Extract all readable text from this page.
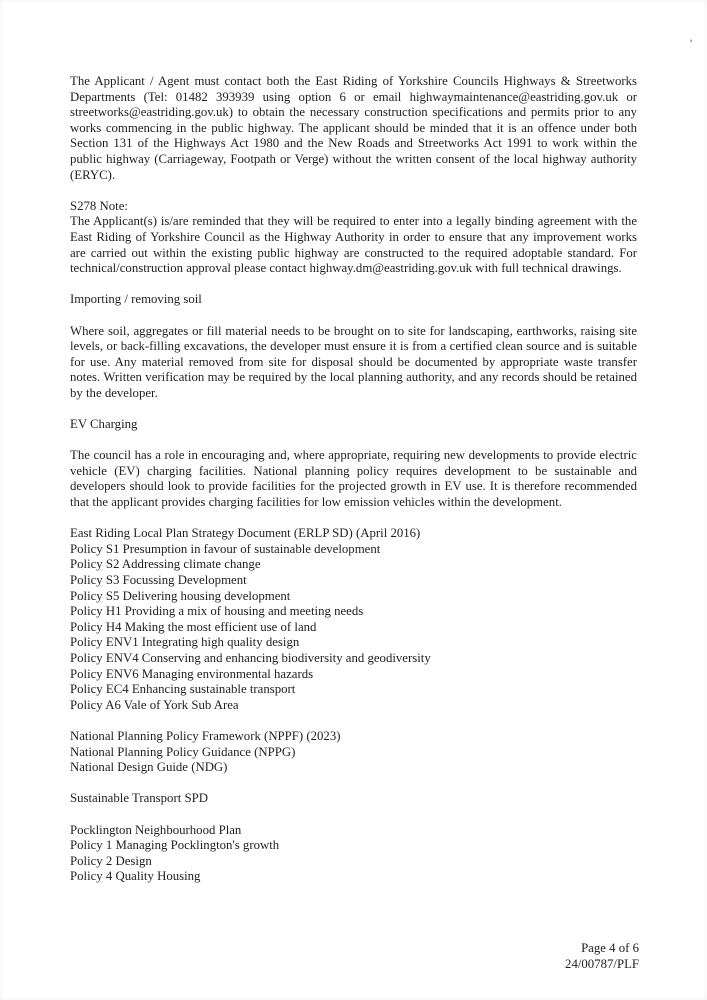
’

The Applicant / Agent must contact both the East Riding of Yorkshire Councils Highways & Streetworks Departments (Tel: 01482 393939 using option 6 or email highwaymaintenance@eastriding.gov.uk or streetworks@eastriding.gov.uk) to obtain the necessary construction specifications and permits prior to any works commencing in the public highway. The applicant should be minded that it is an offence under both Section 131 of the Highways Act 1980 and the New Roads and Streetworks Act 1991 to work within the public highway (Carriageway, Footpath or Verge) without the written consent of the local highway authority (ERYC).

S278 Note:

The Applicant(s) is/are reminded that they will be required to enter into a legally binding agreement with the East Riding of Yorkshire Council as the Highway Authority in order to ensure that any improvement works are carried out within the existing public highway are constructed to the required adoptable standard. For technical/construction approval please contact highway.dm@eastriding.gov.uk with full technical drawings.

Importing / removing soil

Where soil, aggregates or fill material needs to be brought on to site for landscaping, earthworks, raising site levels, or back-filling excavations, the developer must ensure it is from a certified clean source and is suitable for use. Any material removed from site for disposal should be documented by appropriate waste transfer notes. Written verification may be required by the local planning authority, and any records should be retained by the developer.

EV Charging

The council has a role in encouraging and, where appropriate, requiring new developments to provide electric vehicle (EV) charging facilities. National planning policy requires development to be sustainable and developers should look to provide facilities for the projected growth in EV use. It is therefore recommended that the applicant provides charging facilities for low emission vehicles within the development.

East Riding Local Plan Strategy Document (ERLP SD) (April 2016)
Policy S1 Presumption in favour of sustainable development
Policy S2 Addressing climate change
Policy S3 Focussing Development
Policy S5 Delivering housing development
Policy H1 Providing a mix of housing and meeting needs
Policy H4 Making the most efficient use of land
Policy ENV1 Integrating high quality design
Policy ENV4 Conserving and enhancing biodiversity and geodiversity
Policy ENV6 Managing environmental hazards
Policy EC4 Enhancing sustainable transport
Policy A6 Vale of York Sub Area
National Planning Policy Framework (NPPF) (2023)
National Planning Policy Guidance (NPPG)
National Design Guide (NDG)
Sustainable Transport SPD
Pocklington Neighbourhood Plan
Policy 1 Managing Pocklington's growth
Policy 2 Design
Policy 4 Quality Housing
Page 4 of 6
24/00787/PLF
